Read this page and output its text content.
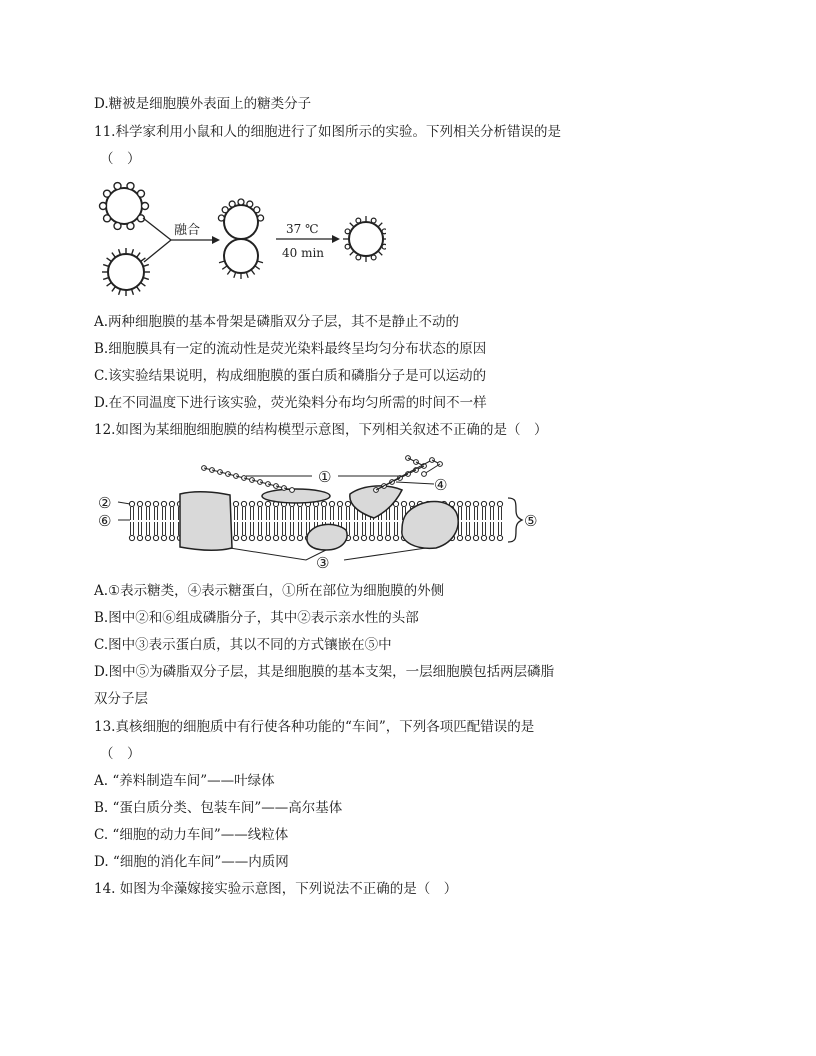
D.糖被是细胞膜外表面上的糖类分子
11.科学家利用小鼠和人的细胞进行了如图所示的实验。下列相关分析错误的是
（　）
融合	37 ℃
40 min
A.两种细胞膜的基本骨架是磷脂双分子层，其不是静止不动的
B.细胞膜具有一定的流动性是荧光染料最终呈均匀分布状态的原因
C.该实验结果说明，构成细胞膜的蛋白质和磷脂分子是可以运动的
D.在不同温度下进行该实验，荧光染料分布均匀所需的时间不一样
12.如图为某细胞细胞膜的结构模型示意图，下列相关叙述不正确的是（　）
①	④
②
⑥	⑤
③
A.①表示糖类，④表示糖蛋白，①所在部位为细胞膜的外侧
B.图中②和⑥组成磷脂分子，其中②表示亲水性的头部
C.图中③表示蛋白质，其以不同的方式镶嵌在⑤中
D.图中⑤为磷脂双分子层，其是细胞膜的基本支架，一层细胞膜包括两层磷脂
双分子层
13.真核细胞的细胞质中有行使各种功能的“车间”，下列各项匹配错误的是
（　）
A. “养料制造车间”——叶绿体
B. “蛋白质分类、包装车间”——高尔基体
C. “细胞的动力车间”——线粒体
D. “细胞的消化车间”——内质网
14. 如图为伞藻嫁接实验示意图，下列说法不正确的是（　）
